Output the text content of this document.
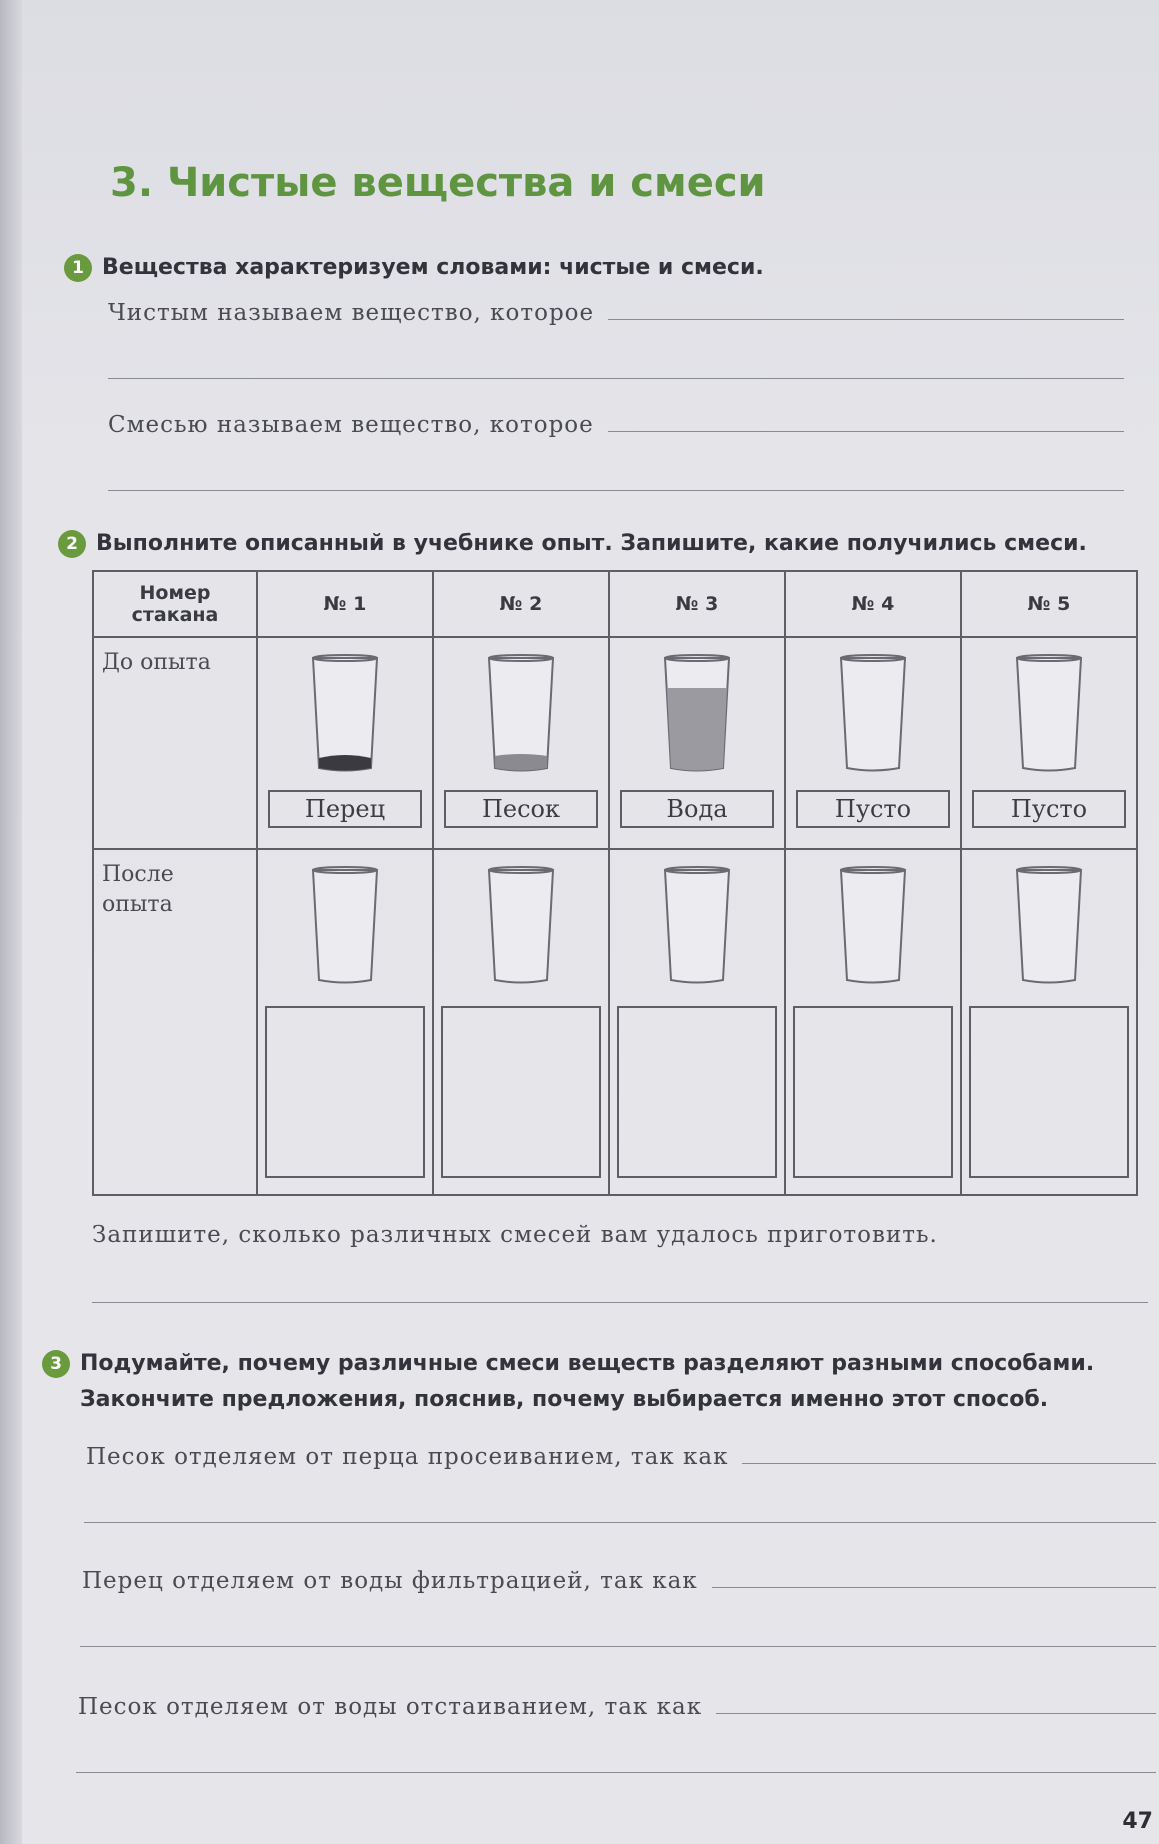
3. Чистые вещества и смеси
1 Вещества характеризуем словами: чистые и смеси.
Чистым называем вещество, которое
Смесью называем вещество, которое
2 Выполните описанный в учебнике опыт. Запишите, какие получились смеси.
Номер стакана	№ 1	№ 2	№ 3	№ 4	№ 5
До опыта	Перец	Песок	Вода	Пусто	Пусто

После опыта	

Запишите, сколько различных смесей вам удалось приготовить.
3 Подумайте, почему различные смеси веществ разделяют разными способами. Закончите предложения, пояснив, почему выбирается именно этот способ.
Песок отделяем от перца просеиванием, так как
Перец отделяем от воды фильтрацией, так как
Песок отделяем от воды отстаиванием, так как
47
